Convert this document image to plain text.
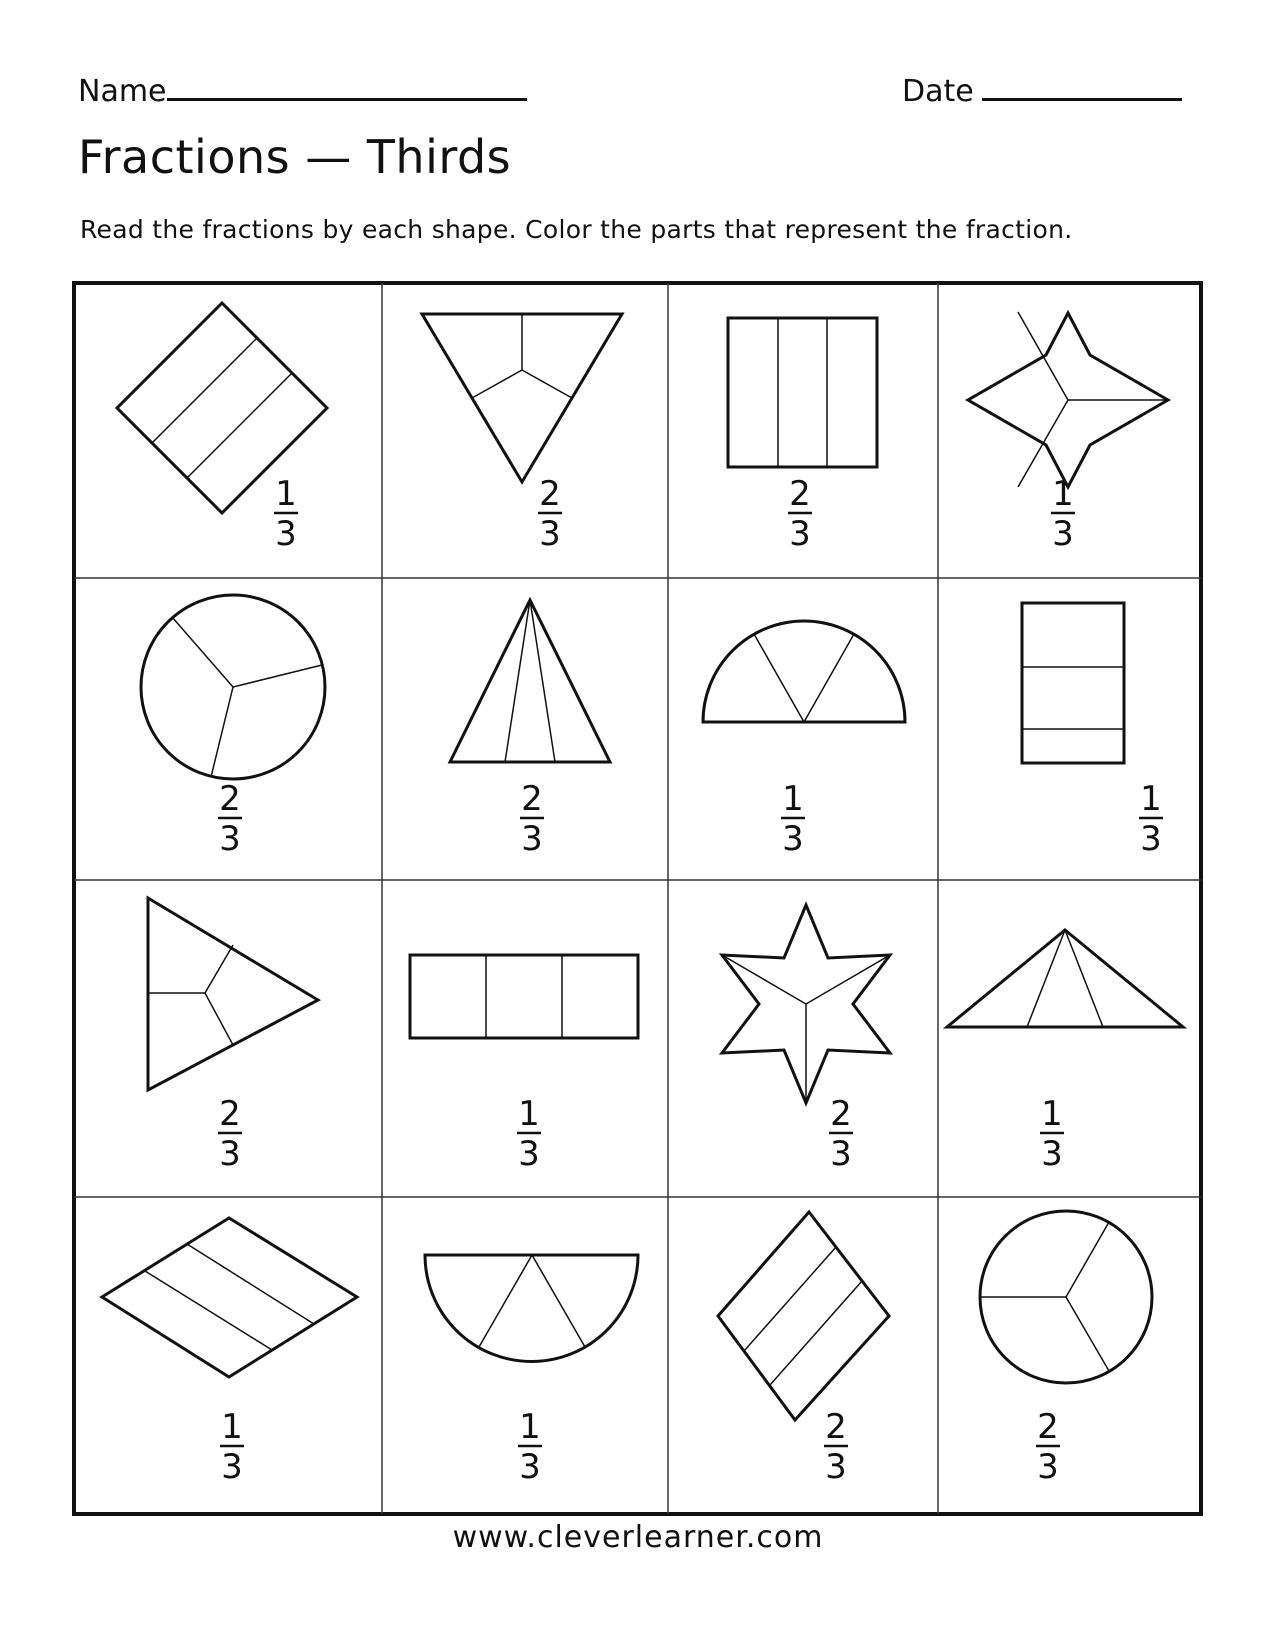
Name	Date
Fractions — Thirds
Read the fractions by each shape. Color the parts that represent the fraction.
1
3
2
3
2
3
1
3
2
3
2
3
1
3
1
3
2
3
1
3
2
3
1
3
1
3
1
3
2
3
2
3
www.cleverlearner.com
